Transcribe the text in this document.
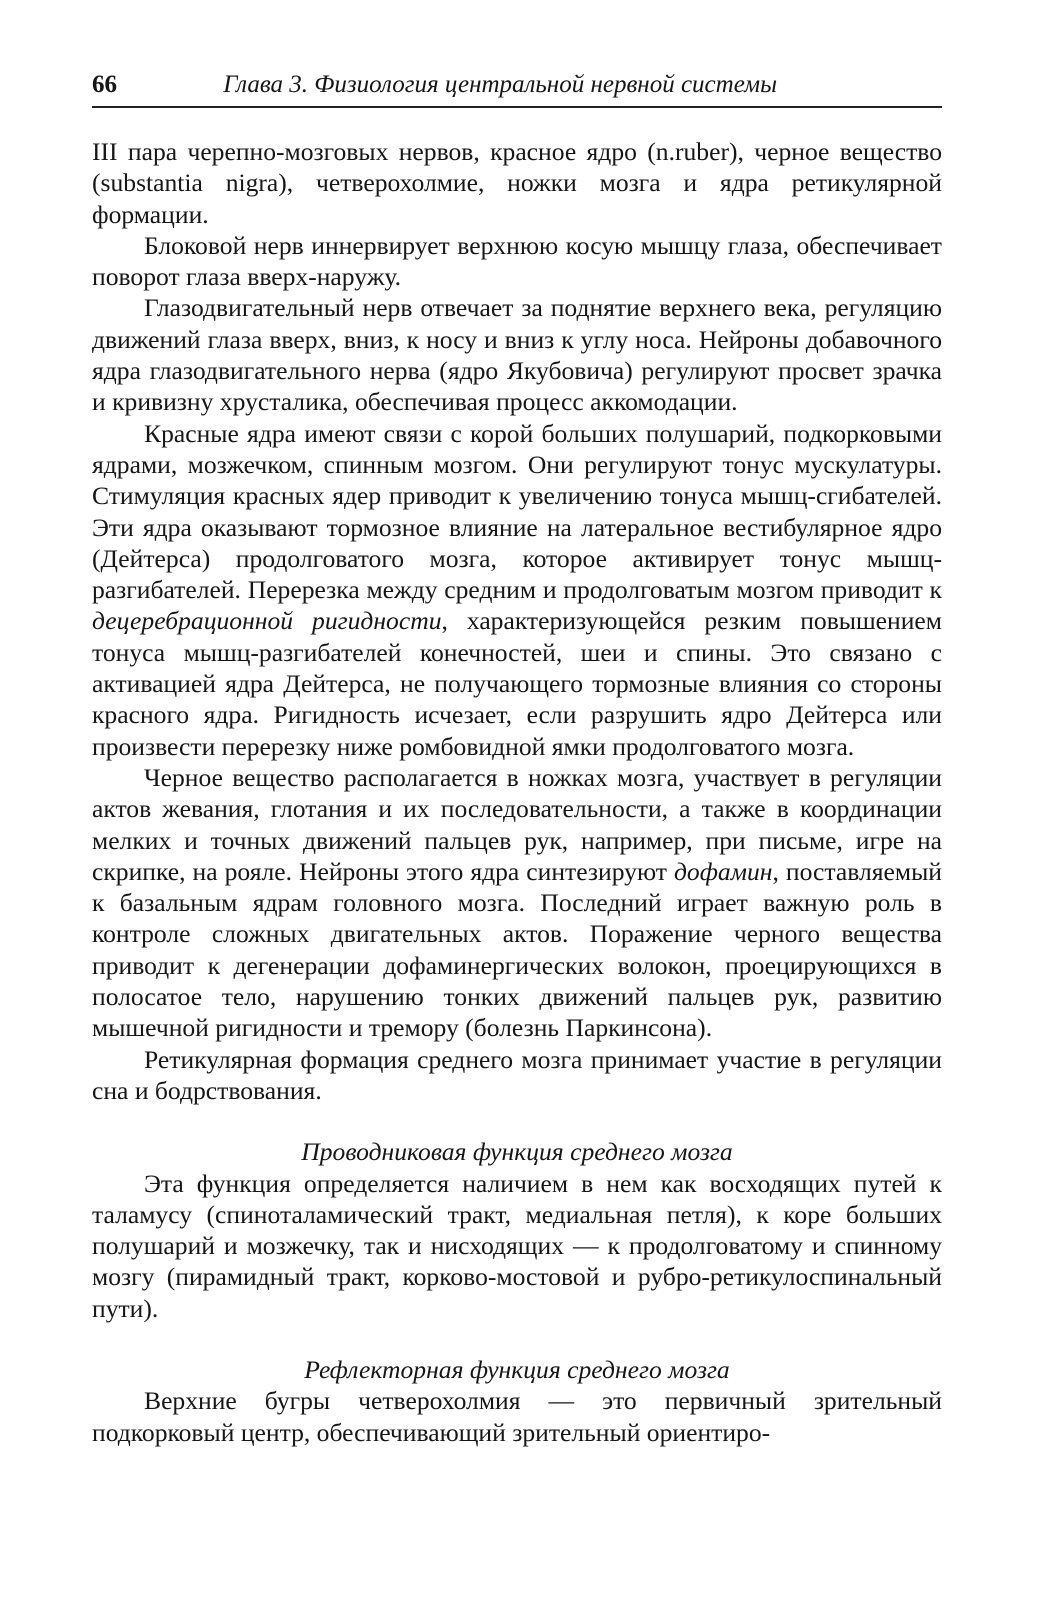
66	Глава 3. Физиология центральной нервной системы

III пара черепно-мозговых нервов, красное ядро (n.ruber), черное вещество (substantia nigra), четверохолмие, ножки мозга и ядра ретикулярной формации.

Блоковой нерв иннервирует верхнюю косую мышцу глаза, обеспечивает поворот глаза вверх-наружу.

Глазодвигательный нерв отвечает за поднятие верхнего века, регуляцию движений глаза вверх, вниз, к носу и вниз к углу носа. Нейроны добавочного ядра глазодвигательного нерва (ядро Якубовича) регулируют просвет зрачка и кривизну хрусталика, обеспечивая процесс аккомодации.

Красные ядра имеют связи с корой больших полушарий, подкорковыми ядрами, мозжечком, спинным мозгом. Они регулируют тонус мускулатуры. Стимуляция красных ядер приводит к увеличению тонуса мышц-сгибателей. Эти ядра оказывают тормозное влияние на латеральное вестибулярное ядро (Дейтерса) продолговатого мозга, которое активирует тонус мышц-разгибателей. Перерезка между средним и продолговатым мозгом приводит к децеребрационной ригидности, характеризующейся резким повышением тонуса мышц-разгибателей конечностей, шеи и спины. Это связано с активацией ядра Дейтерса, не получающего тормозные влияния со стороны красного ядра. Ригидность исчезает, если разрушить ядро Дейтерса или произвести перерезку ниже ромбовидной ямки продолговатого мозга.

Черное вещество располагается в ножках мозга, участвует в регуляции актов жевания, глотания и их последовательности, а также в координации мелких и точных движений пальцев рук, например, при письме, игре на скрипке, на рояле. Нейроны этого ядра синтезируют дофамин, поставляемый к базальным ядрам головного мозга. Последний играет важную роль в контроле сложных двигательных актов. Поражение черного вещества приводит к дегенерации дофаминергических волокон, проецирующихся в полосатое тело, нарушению тонких движений пальцев рук, развитию мышечной ригидности и тремору (болезнь Паркинсона).

Ретикулярная формация среднего мозга принимает участие в регуляции сна и бодрствования.

Проводниковая функция среднего мозга

Эта функция определяется наличием в нем как восходящих путей к таламусу (спиноталамический тракт, медиальная петля), к коре больших полушарий и мозжечку, так и нисходящих — к продолговатому и спинному мозгу (пирамидный тракт, корково-мостовой и рубро-ретикулоспинальный пути).

Рефлекторная функция среднего мозга

Верхние бугры четверохолмия — это первичный зрительный подкорковый центр, обеспечивающий зрительный ориентиро-
